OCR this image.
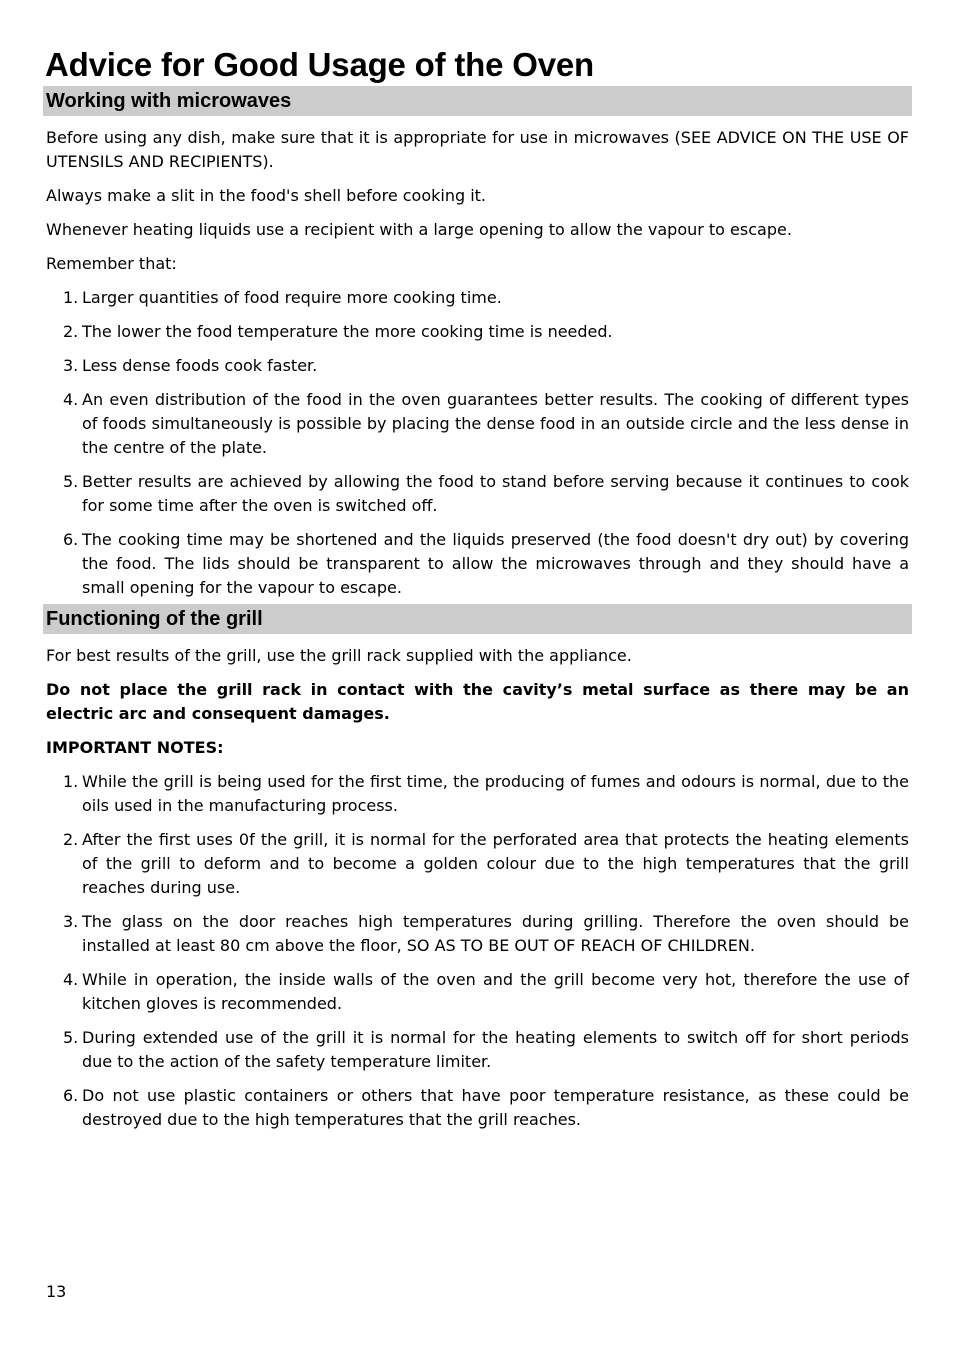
Advice for Good Usage of the Oven
Working with microwaves

Before using any dish, make sure that it is appropriate for use in microwaves (SEE ADVICE ON THE USE OF UTENSILS AND RECIPIENTS).

Always make a slit in the food's shell before cooking it.

Whenever heating liquids use a recipient with a large opening to allow the vapour to escape.

Remember that:

1. Larger quantities of food require more cooking time.
2. The lower the food temperature the more cooking time is needed.
3. Less dense foods cook faster.
4. An even distribution of the food in the oven guarantees better results. The cooking of different types of foods simultaneously is possible by placing the dense food in an outside circle and the less dense in the centre of the plate.
5. Better results are achieved by allowing the food to stand before serving because it continues to cook for some time after the oven is switched off.
6. The cooking time may be shortened and the liquids preserved (the food doesn't dry out) by covering the food. The lids should be transparent to allow the microwaves through and they should have a small opening for the vapour to escape.
Functioning of the grill

For best results of the grill, use the grill rack supplied with the appliance.

Do not place the grill rack in contact with the cavity’s metal surface as there may be an electric arc and consequent damages.

IMPORTANT NOTES:

1. While the grill is being used for the first time, the producing of fumes and odours is normal, due to the oils used in the manufacturing process.
2. After the first uses 0f the grill, it is normal for the perforated area that protects the heating elements of the grill to deform and to become a golden colour due to the high temperatures that the grill reaches during use.
3. The glass on the door reaches high temperatures during grilling. Therefore the oven should be installed at least 80 cm above the floor, SO AS TO BE OUT OF REACH OF CHILDREN.
4. While in operation, the inside walls of the oven and the grill become very hot, therefore the use of kitchen gloves is recommended.
5. During extended use of the grill it is normal for the heating elements to switch off for short periods due to the action of the safety temperature limiter.
6. Do not use plastic containers or others that have poor temperature resistance, as these could be destroyed due to the high temperatures that the grill reaches.
13
